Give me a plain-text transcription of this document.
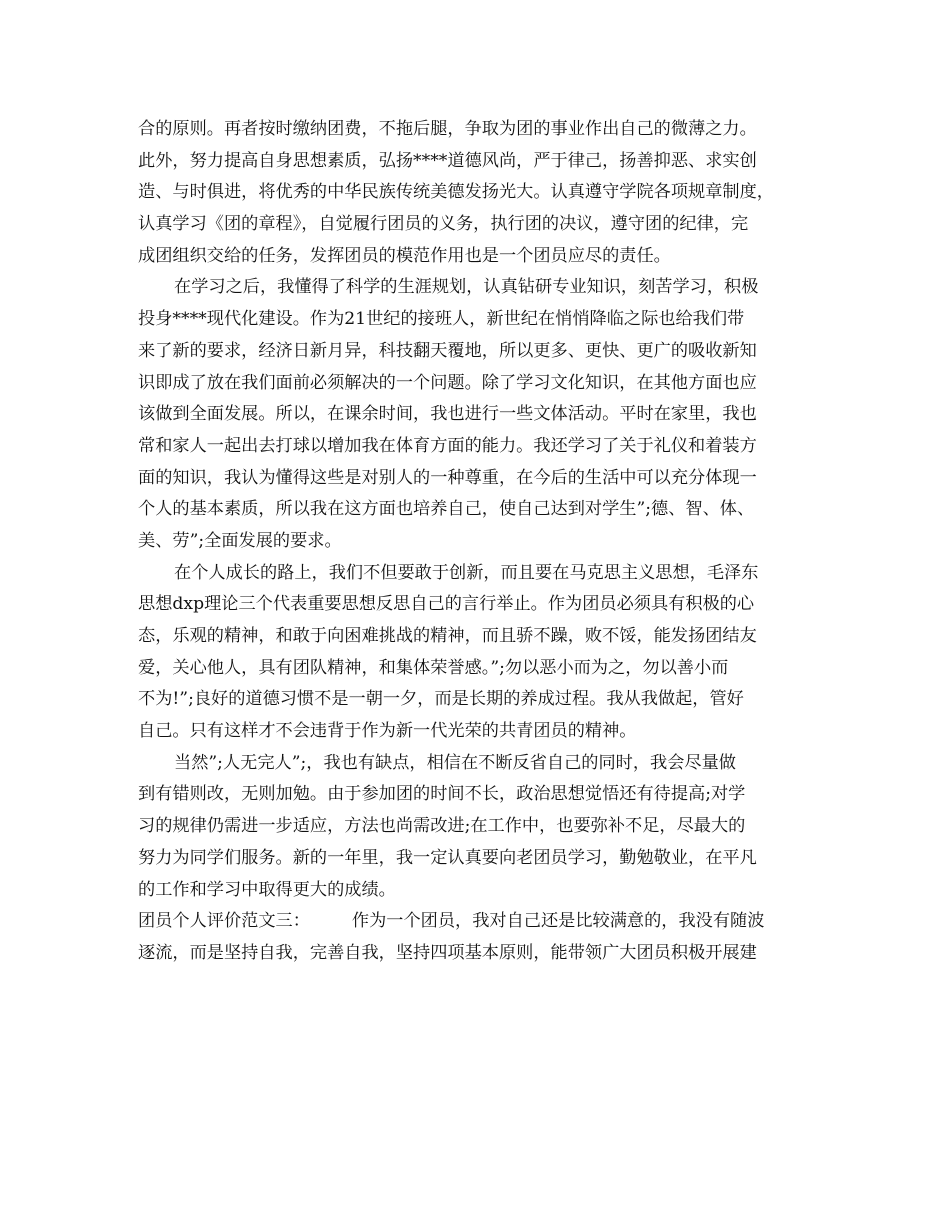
合的原则。再者按时缴纳团费，不拖后腿，争取为团的事业作出自己的微薄之力。
此外，努力提高自身思想素质，弘扬****道德风尚，严于律己，扬善抑恶、求实创
造、与时俱进，将优秀的中华民族传统美德发扬光大。认真遵守学院各项规章制度，
认真学习《团的章程》，自觉履行团员的义务，执行团的决议，遵守团的纪律，完
成团组织交给的任务，发挥团员的模范作用也是一个团员应尽的责任。
在学习之后，我懂得了科学的生涯规划，认真钻研专业知识，刻苦学习，积极
投身****现代化建设。作为21世纪的接班人，新世纪在悄悄降临之际也给我们带
来了新的要求，经济日新月异，科技翻天覆地，所以更多、更快、更广的吸收新知
识即成了放在我们面前必须解决的一个问题。除了学习文化知识，在其他方面也应
该做到全面发展。所以，在课余时间，我也进行一些文体活动。平时在家里，我也
常和家人一起出去打球以增加我在体育方面的能力。我还学习了关于礼仪和着装方
面的知识，我认为懂得这些是对别人的一种尊重，在今后的生活中可以充分体现一
个人的基本素质，所以我在这方面也培养自己，使自己达到对学生”;德、智、体、
美、劳”;全面发展的要求。
在个人成长的路上，我们不但要敢于创新，而且要在马克思主义思想，毛泽东
思想dxp理论三个代表重要思想反思自己的言行举止。作为团员必须具有积极的心
态，乐观的精神，和敢于向困难挑战的精神，而且骄不躁，败不馁，能发扬团结友
爱，关心他人，具有团队精神，和集体荣誉感。”;勿以恶小而为之，勿以善小而
不为!”;良好的道德习惯不是一朝一夕，而是长期的养成过程。我从我做起，管好
自己。只有这样才不会违背于作为新一代光荣的共青团员的精神。
当然”;人无完人”;，我也有缺点，相信在不断反省自己的同时，我会尽量做
到有错则改，无则加勉。由于参加团的时间不长，政治思想觉悟还有待提高;对学
习的规律仍需进一步适应，方法也尚需改进;在工作中，也要弥补不足，尽最大的
努力为同学们服务。新的一年里，我一定认真要向老团员学习，勤勉敬业，在平凡
的工作和学习中取得更大的成绩。
团员个人评价范文三： 作为一个团员，我对自己还是比较满意的，我没有随波
逐流，而是坚持自我，完善自我，坚持四项基本原则，能带领广大团员积极开展建
